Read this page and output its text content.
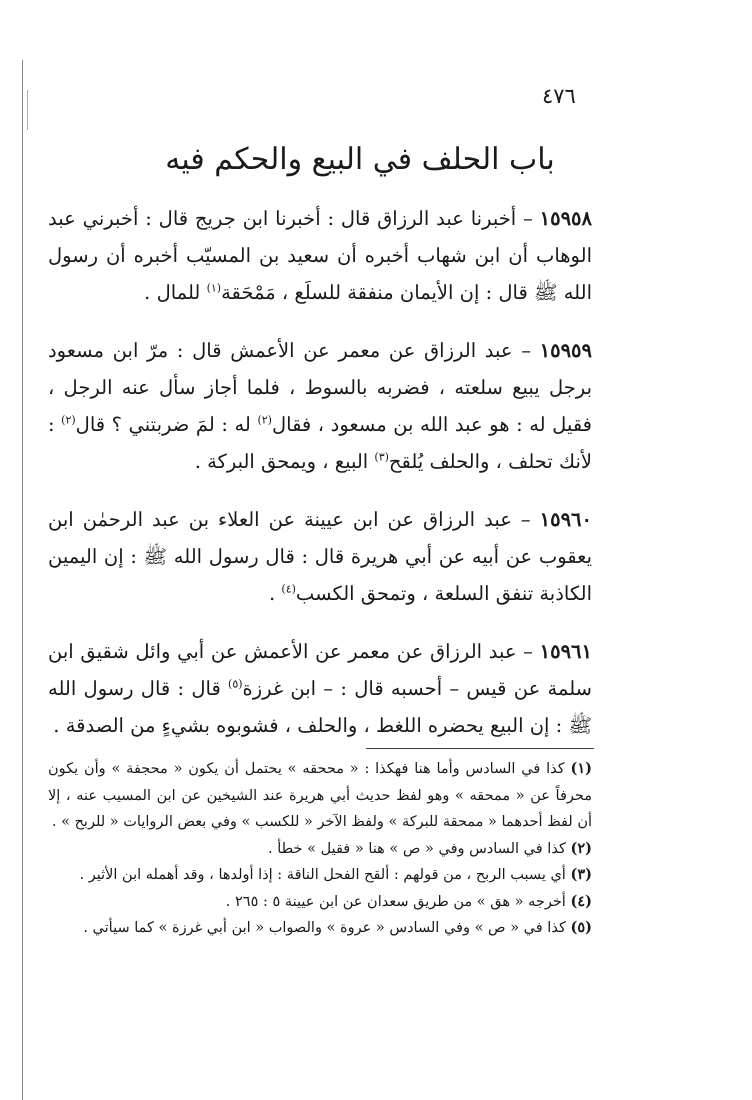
٤٧٦
باب الحلف في البيع والحكم فيه

١٥٩٥٨ – أخبرنا عبد الرزاق قال : أخبرنا ابن جريج قال : أخبرني عبد الوهاب أن ابن شهاب أخبره أن سعيد بن المسيّب أخبره أن رسول الله ﷺ قال : إن الأيمان منفقة للسلَع ، مَمْحَقة$^{(١)}$ للمال .

١٥٩٥٩ – عبد الرزاق عن معمر عن الأعمش قال : مرّ ابن مسعود برجل يبيع سلعته ، فضربه بالسوط ، فلما أجاز سأل عنه الرجل ، فقيل له : هو عبد الله بن مسعود ، فقال$^{(٢)}$ له : لمَ ضربتني ؟ قال$^{(٢)}$ : لأنك تحلف ، والحلف يُلقح$^{(٣)}$ البيع ، ويمحق البركة .

١٥٩٦٠ – عبد الرزاق عن ابن عيينة عن العلاء بن عبد الرحمٰن ابن يعقوب عن أبيه عن أبي هريرة قال : قال رسول الله ﷺ : إن اليمين الكاذبة تنفق السلعة ، وتمحق الكسب$^{(٤)}$ .

١٥٩٦١ – عبد الرزاق عن معمر عن الأعمش عن أبي وائل شقيق ابن سلمة عن قيس – أحسبه قال : – ابن غرزة$^{(٥)}$ قال : قال رسول الله ﷺ : إن البيع يحضره اللغط ، والحلف ، فشوبوه بشيءٍ من الصدقة .

(١) كذا في السادس وأما هنا فهكذا : « مححقه » يحتمل أن يكون « محجفة » وأن يكون محرفاً عن « ممحقه » وهو لفظ حديث أبي هريرة عند الشيخين عن ابن المسيب عنه ، إلا أن لفظ أحدهما « ممحقة للبركة » ولفظ الآخر « للكسب » وفي بعض الروايات « للربح » .

(٢) كذا في السادس وفي « ص » هنا « فقيل » خطأ .

(٣) أي يسبب الربح ، من قولهم : ألقح الفحل الناقة : إذا أولدها ، وقد أهمله ابن الأثير .

(٤) أخرجه « هق » من طريق سعدان عن ابن عيينة ٥ : ٢٦٥ .

(٥) كذا في « ص » وفي السادس « عروة » والصواب « ابن أبي غرزة » كما سيأتي .
